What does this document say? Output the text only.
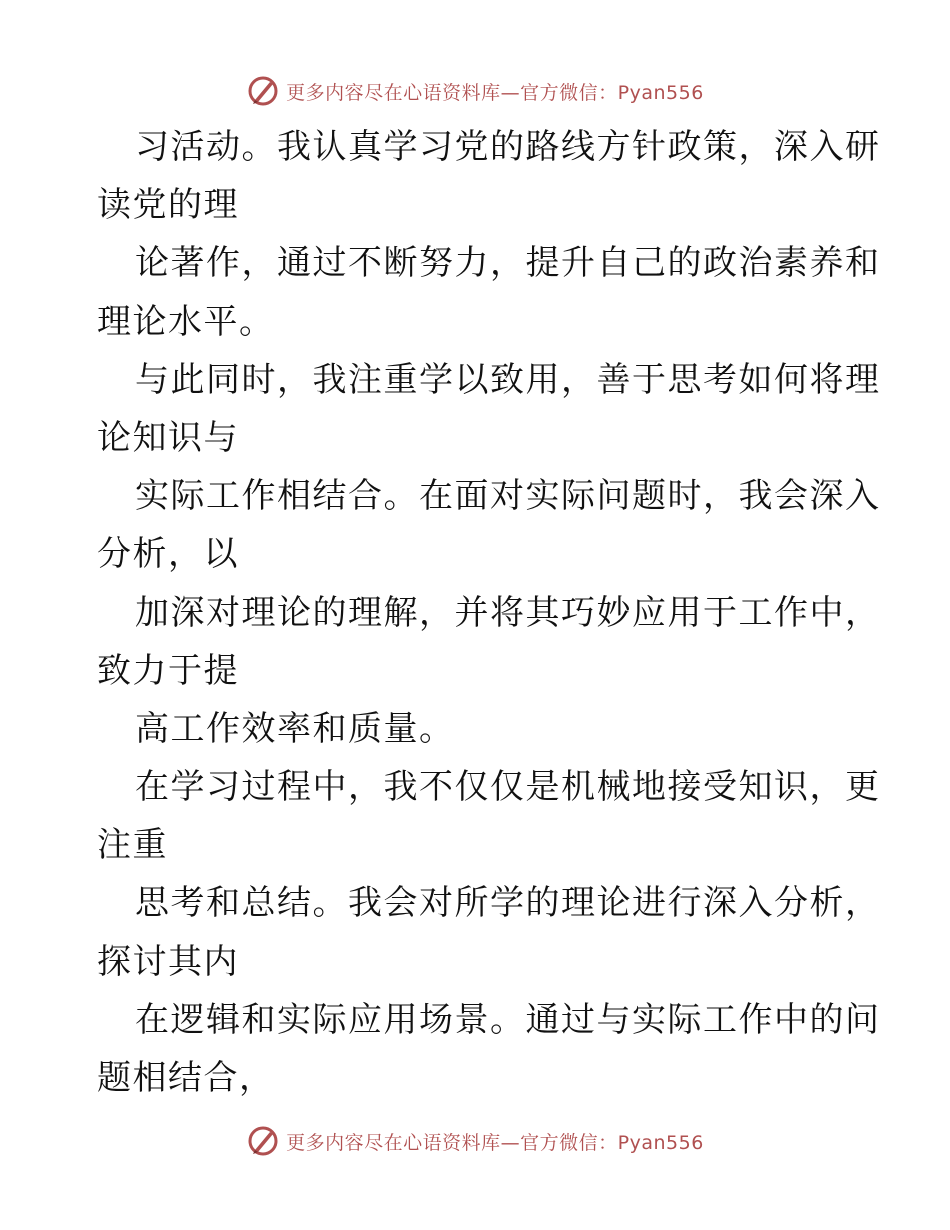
更多内容尽在心语资料库—官方微信：Pyan556
习活动。我认真学习党的路线方针政策，深入研
读党的理
论著作，通过不断努力，提升自己的政治素养和
理论水平。
与此同时，我注重学以致用，善于思考如何将理
论知识与
实际工作相结合。在面对实际问题时，我会深入
分析，以
加深对理论的理解，并将其巧妙应用于工作中，
致力于提
高工作效率和质量。
在学习过程中，我不仅仅是机械地接受知识，更
注重
思考和总结。我会对所学的理论进行深入分析，
探讨其内
在逻辑和实际应用场景。通过与实际工作中的问
题相结合，
更多内容尽在心语资料库—官方微信：Pyan556
